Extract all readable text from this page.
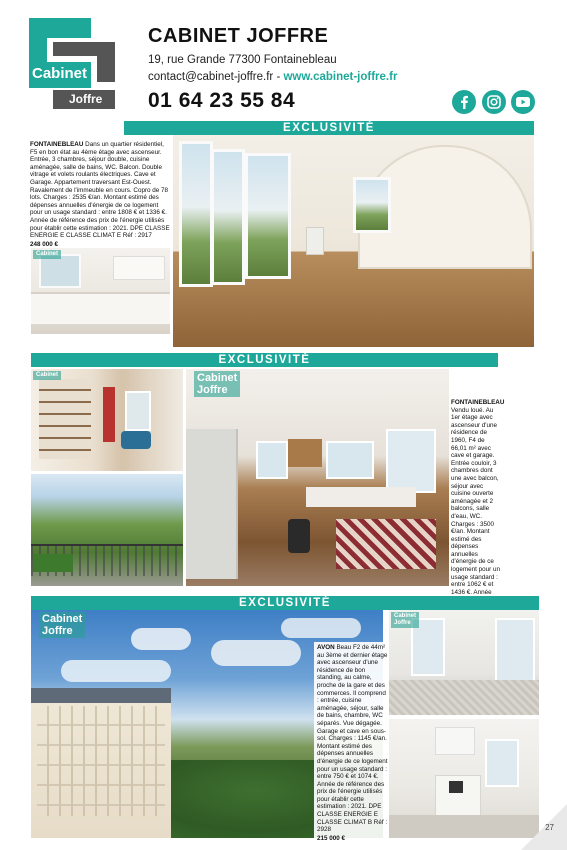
Cabinet
Joffre
CABINET JOFFRE
19, rue Grande 77300 Fontainebleau
contact@cabinet-joffre.fr - www.cabinet-joffre.fr
01 64 23 55 84
EXCLUSIVITÉ
FONTAINEBLEAU Dans un quartier résidentiel, F5 en bon état au 4ème étage avec ascenseur. Entrée, 3 chambres, séjour double, cuisine aménagée, salle de bains, WC. Balcon. Double vitrage et volets roulants électriques. Cave et Garage. Appartement traversant Est-Ouest. Ravalement de l'immeuble en cours. Copro de 78 lots. Charges : 2535 €/an. Montant estimé des dépenses annuelles d'énergie de ce logement pour un usage standard : entre 1808 € et 1336 €. Année de référence des prix de l'énergie utilisés pour établir cette estimation : 2021. DPE CLASSE ENERGIE E CLASSE CLIMAT E Réf : 2917
248 000 €
Cabinet
EXCLUSIVITÉ
Cabinet	Cabinet
Joffre
FONTAINEBLEAU Vendu loué. Au 1er étage avec ascenseur d'une résidence de 1960, F4 de 66,01 m² avec cave et garage. Entrée couloir, 3 chambres dont une avec balcon, séjour avec cuisine ouverte aménagée et 2 balcons, salle d'eau, WC. Charges : 3500 €/an. Montant estimé des dépenses annuelles d'énergie de ce logement pour un usage standard : entre 1062 € et 1436 €. Année
EXCLUSIVITÉ
Cabinet
Joffre
AVON Beau F2 de 44m² au 3ème et dernier étage avec ascenseur d'une résidence de bon standing, au calme, proche de la gare et des commerces. Il comprend : entrée, cuisine aménagée, séjour, salle de bains, chambre, WC séparés. Vue dégagée. Garage et cave en sous-sol. Charges : 1145 €/an. Montant estimé des dépenses annuelles d'énergie de ce logement pour un usage standard : entre 750 € et 1074 €. Année de référence des prix de l'énergie utilisés pour établir cette estimation : 2021. DPE CLASSE ENERGIE E CLASSE CLIMAT B Réf : 2928
215 000 €
Cabinet
Joffre
27
